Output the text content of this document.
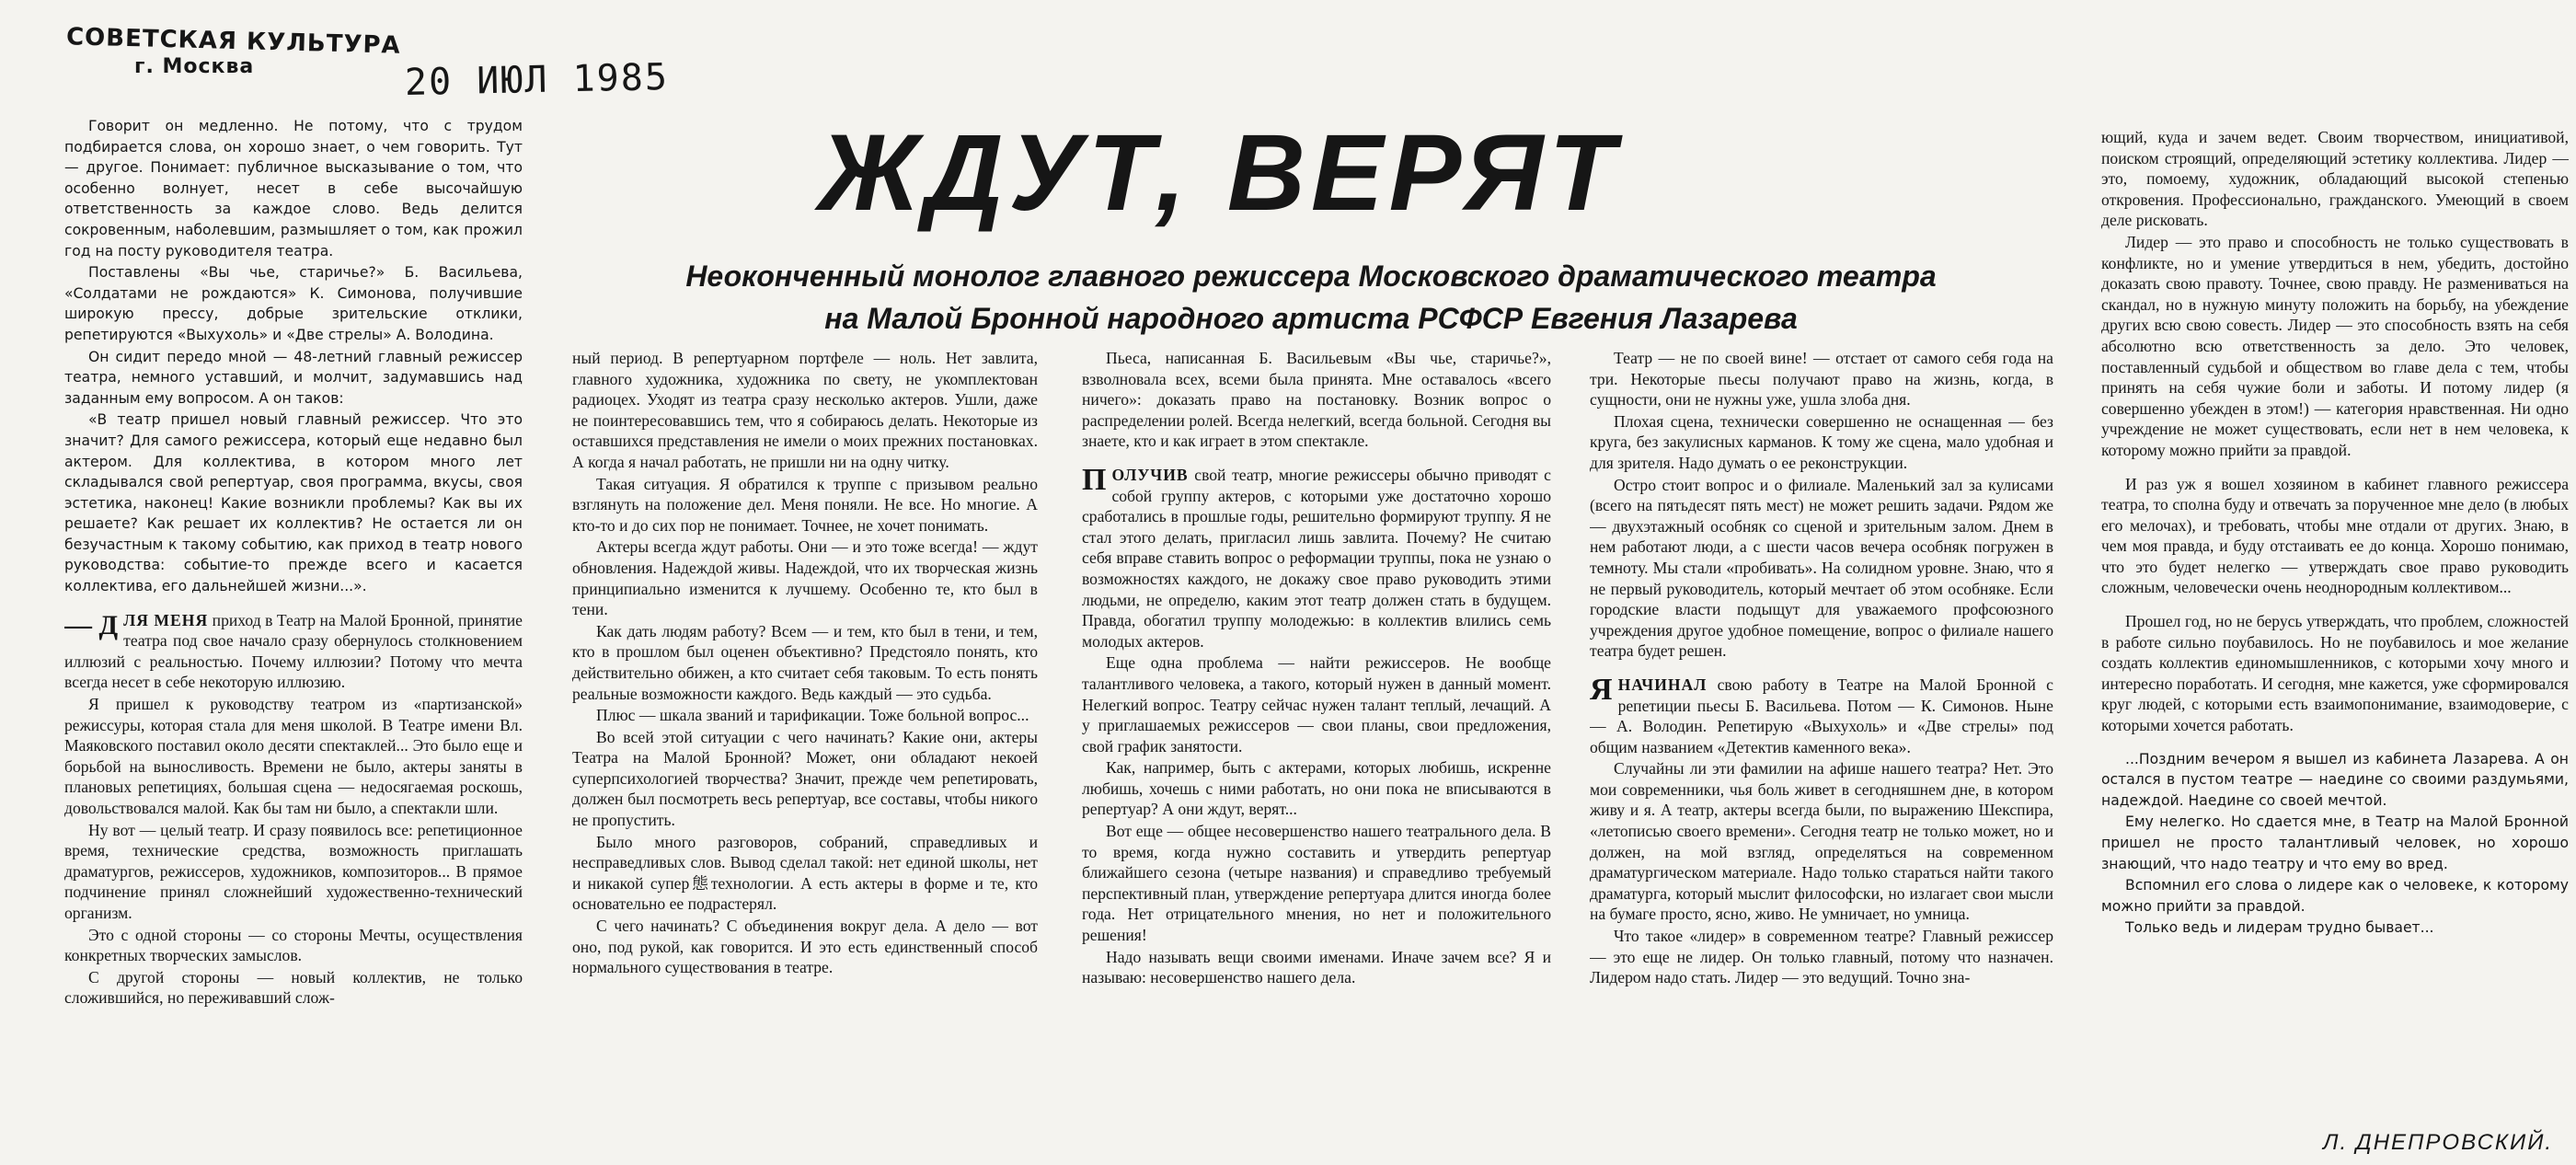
СОВЕТСКАЯ КУЛЬТУРА
г. Москва	20 ИЮЛ 1985
ЖДУТ, ВЕРЯТ
Неоконченный монолог главного режиссера Московского драматического театра
на Малой Бронной народного артиста РСФСР Евгения Лазарева

Говорит он медленно. Не потому, что с трудом подбирается слова, он хорошо знает, о чем говорить. Тут — другое. Понимает: публичное высказывание о том, что особенно волнует, несет в себе высочайшую ответственность за каждое слово. Ведь делится сокровенным, наболевшим, размышляет о том, как прожил год на посту руководителя театра.

Поставлены «Вы чье, старичье?» Б. Васильева, «Солдатами не рождаются» К. Симонова, получившие широкую прессу, добрые зрительские отклики, репетируются «Выхухоль» и «Две стрелы» А. Володина.

Он сидит передо мной — 48-летний главный режиссер театра, немного уставший, и молчит, задумавшись над заданным ему вопросом. А он таков:

«В театр пришел новый главный режиссер. Что это значит? Для самого режиссера, который еще недавно был актером. Для коллектива, в котором много лет складывался свой репертуар, своя программа, вкусы, своя эстетика, наконец! Какие возникли проблемы? Как вы их решаете? Как решает их коллектив? Не остается ли он безучастным к такому событию, как приход в театр нового руководства: событие-то прежде всего и касается коллектива, его дальнейшей жизни...».

— Д ЛЯ МЕНЯ приход в Театр на Малой Бронной, принятие театра под свое начало сразу обернулось столкновением иллюзий с реальностью. Почему иллюзии? Потому что мечта всегда несет в себе некоторую иллюзию.

Я пришел к руководству театром из «партизанской» режиссуры, которая стала для меня школой. В Театре имени Вл. Маяковского поставил около десяти спектаклей... Это было еще и борьбой на выносливость. Времени не было, актеры заняты в плановых репетициях, большая сцена — недосягаемая роскошь, довольствовался малой. Как бы там ни было, а спектакли шли.

Ну вот — целый театр. И сразу появилось все: репетиционное время, технические средства, возможность приглашать драматургов, режиссеров, художников, композиторов... В прямое подчинение принял сложнейший художественно-технический организм.

Это с одной стороны — со стороны Мечты, осуществления конкретных творческих замыслов.

С другой стороны — новый коллектив, не только сложившийся, но переживавший слож-

ный период. В репертуарном портфеле — ноль. Нет завлита, главного художника, художника по свету, не укомплектован радиоцех. Уходят из театра сразу несколько актеров. Ушли, даже не поинтересовавшись тем, что я собираюсь делать. Некоторые из оставшихся представления не имели о моих прежних постановках. А когда я начал работать, не пришли ни на одну читку.

Такая ситуация. Я обратился к труппе с призывом реально взглянуть на положение дел. Меня поняли. Не все. Но многие. А кто-то и до сих пор не понимает. Точнее, не хочет понимать.

Актеры всегда ждут работы. Они — и это тоже всегда! — ждут обновления. Надеждой живы. Надеждой, что их творческая жизнь принципиально изменится к лучшему. Особенно те, кто был в тени.

Как дать людям работу? Всем — и тем, кто был в тени, и тем, кто в прошлом был оценен объективно? Предстояло понять, кто действительно обижен, а кто считает себя таковым. То есть понять реальные возможности каждого. Ведь каждый — это судьба.

Плюс — шкала званий и тарификации. Тоже больной вопрос...

Во всей этой ситуации с чего начинать? Какие они, актеры Театра на Малой Бронной? Может, они обладают некоей суперпсихологией творчества? Значит, прежде чем репетировать, должен был посмотреть весь репертуар, все составы, чтобы никого не пропустить.

Было много разговоров, собраний, справедливых и несправедливых слов. Вывод сделал такой: нет единой школы, нет и никакой супер態технологии. А есть актеры в форме и те, кто основательно ее подрастерял.

С чего начинать? С объединения вокруг дела. А дело — вот оно, под рукой, как говорится. И это есть единственный способ нормального существования в театре.

Пьеса, написанная Б. Васильевым «Вы чье, старичье?», взволновала всех, всеми была принята. Мне оставалось «всего ничего»: доказать право на постановку. Возник вопрос о распределении ролей. Всегда нелегкий, всегда больной. Сегодня вы знаете, кто и как играет в этом спектакле.

ПОЛУЧИВ свой театр, многие режиссеры обычно приводят с собой группу актеров, с которыми уже достаточно хорошо сработались в прошлые годы, решительно формируют труппу. Я не стал этого делать, пригласил лишь завлита. Почему? Не считаю себя вправе ставить вопрос о реформации труппы, пока не узнаю о возможностях каждого, не докажу свое право руководить этими людьми, не определю, каким этот театр должен стать в будущем. Правда, обогатил труппу молодежью: в коллектив влились семь молодых актеров.

Еще одна проблема — найти режиссеров. Не вообще талантливого человека, а такого, который нужен в данный момент. Нелегкий вопрос. Театру сейчас нужен талант теплый, лечащий. А у приглашаемых режиссеров — свои планы, свои предложения, свой график занятости.

Как, например, быть с актерами, которых любишь, искренне любишь, хочешь с ними работать, но они пока не вписываются в репертуар? А они ждут, верят...

Вот еще — общее несовершенство нашего театрального дела. В то время, когда нужно составить и утвердить репертуар ближайшего сезона (четыре названия) и справедливо требуемый перспективный план, утверждение репертуара длится иногда более года. Нет отрицательного мнения, но нет и положительного решения!

Надо называть вещи своими именами. Иначе зачем все? Я и называю: несовершенство нашего дела.

Театр — не по своей вине! — отстает от самого себя года на три. Некоторые пьесы получают право на жизнь, когда, в сущности, они не нужны уже, ушла злоба дня.

Плохая сцена, технически совершенно не оснащенная — без круга, без закулисных карманов. К тому же сцена, мало удобная и для зрителя. Надо думать о ее реконструкции.

Остро стоит вопрос и о филиале. Маленький зал за кулисами (всего на пятьдесят пять мест) не может решить задачи. Рядом же — двухэтажный особняк со сценой и зрительным залом. Днем в нем работают люди, а с шести часов вечера особняк погружен в темноту. Мы стали «пробивать». На солидном уровне. Знаю, что я не первый руководитель, который мечтает об этом особняке. Если городские власти подыщут для уважаемого профсоюзного учреждения другое удобное помещение, вопрос о филиале нашего театра будет решен.

ЯНАЧИНАЛ свою работу в Театре на Малой Бронной с репетиции пьесы Б. Васильева. Потом — К. Симонов. Ныне — А. Володин. Репетирую «Выхухоль» и «Две стрелы» под общим названием «Детектив каменного века».

Случайны ли эти фамилии на афише нашего театра? Нет. Это мои современники, чья боль живет в сегодняшнем дне, в котором живу и я. А театр, актеры всегда были, по выражению Шекспира, «летописью своего времени». Сегодня театр не только может, но и должен, на мой взгляд, определяться на современном драматургическом материале. Надо только стараться найти такого драматурга, который мыслит философски, но излагает свои мысли на бумаге просто, ясно, живо. Не умничает, но умница.

Что такое «лидер» в современном театре? Главный режиссер — это еще не лидер. Он только главный, потому что назначен. Лидером надо стать. Лидер — это ведущий. Точно зна-

ющий, куда и зачем ведет. Своим творчеством, инициативой, поиском строящий, определяющий эстетику коллектива. Лидер — это, помоему, художник, обладающий высокой степенью откровения. Профессионально, гражданского. Умеющий в своем деле рисковать.

Лидер — это право и способность не только существовать в конфликте, но и умение утвердиться в нем, убедить, достойно доказать свою правоту. Точнее, свою правду. Не размениваться на скандал, но в нужную минуту положить на борьбу, на убеждение других всю свою совесть. Лидер — это способность взять на себя абсолютно всю ответственность за дело. Это человек, поставленный судьбой и обществом во главе дела с тем, чтобы принять на себя чужие боли и заботы. И потому лидер (я совершенно убежден в этом!) — категория нравственная. Ни одно учреждение не может существовать, если нет в нем человека, к которому можно прийти за правдой.

И раз уж я вошел хозяином в кабинет главного режиссера театра, то сполна буду и отвечать за порученное мне дело (в любых его мелочах), и требовать, чтобы мне отдали от других. Знаю, в чем моя правда, и буду отстаивать ее до конца. Хорошо понимаю, что это будет нелегко — утверждать свое право руководить сложным, человечески очень неоднородным коллективом...

Прошел год, но не берусь утверждать, что проблем, сложностей в работе сильно поубавилось. Но не поубавилось и мое желание создать коллектив единомышленников, с которыми хочу много и интересно поработать. И сегодня, мне кажется, уже сформировался круг людей, с которыми есть взаимопонимание, взаимодоверие, с которыми хочется работать.

...Поздним вечером я вышел из кабинета Лазарева. А он остался в пустом театре — наедине со своими раздумьями, надеждой. Наедине со своей мечтой.

Ему нелегко. Но сдается мне, в Театр на Малой Бронной пришел не просто талантливый человек, но хорошо знающий, что надо театру и что ему во вред.

Вспомнил его слова о лидере как о человеке, к которому можно прийти за правдой.

Только ведь и лидерам трудно бывает...

Л. ДНЕПРОВСКИЙ.
